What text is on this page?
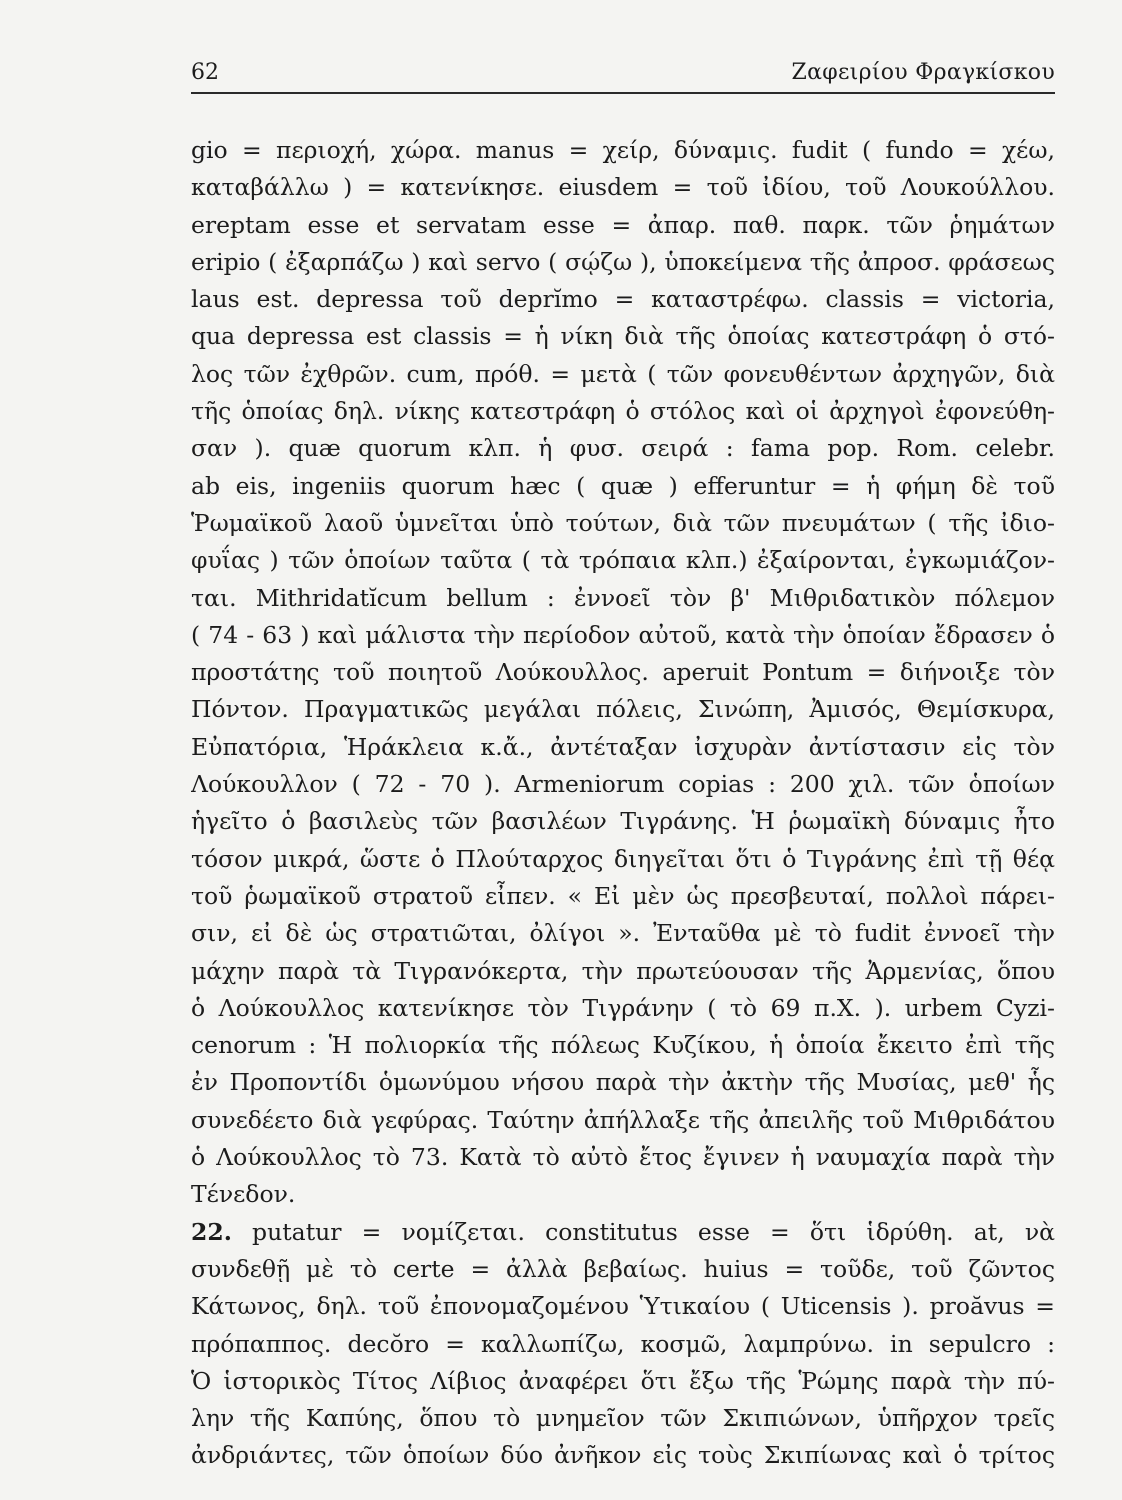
62	Ζαφειρίου Φραγκίσκου
gio = περιοχή, χώρα. manus = χείρ, δύναμις. fudit ( fundo = χέω,
καταβάλλω ) = κατενίκησε. eiusdem = τοῦ ἰδίου, τοῦ Λουκούλλου.
ereptam esse et servatam esse = ἀπαρ. παθ. παρκ. τῶν ῥημάτων
eripio ( ἐξαρπάζω ) καὶ servo ( σῴζω ), ὑποκείμενα τῆς ἀπροσ. φράσεως
laus est. depressa τοῦ deprĭmo = καταστρέφω. classis = victoria,
qua depressa est classis = ἡ νίκη διὰ τῆς ὁποίας κατεστράφη ὁ στό-
λος τῶν ἐχθρῶν. cum, πρόθ. = μετὰ ( τῶν φονευθέντων ἀρχηγῶν, διὰ
τῆς ὁποίας δηλ. νίκης κατεστράφη ὁ στόλος καὶ οἱ ἀρχηγοὶ ἐφονεύθη-
σαν ). quæ quorum κλπ. ἡ φυσ. σειρά : fama pop. Rom. celebr.
ab eis, ingeniis quorum hæc ( quæ ) efferuntur = ἡ φήμη δὲ τοῦ
Ῥωμαϊκοῦ λαοῦ ὑμνεῖται ὑπὸ τούτων, διὰ τῶν πνευμάτων ( τῆς ἰδιο-
φυΐας ) τῶν ὁποίων ταῦτα ( τὰ τρόπαια κλπ.) ἐξαίρονται, ἐγκωμιάζον-
ται. Mithridatĭcum bellum : ἐννοεῖ τὸν β' Μιθριδατικὸν πόλεμον
( 74 - 63 ) καὶ μάλιστα τὴν περίοδον αὐτοῦ, κατὰ τὴν ὁποίαν ἔδρασεν ὁ
προστάτης τοῦ ποιητοῦ Λούκουλλος. aperuit Pontum = διήνοιξε τὸν
Πόντον. Πραγματικῶς μεγάλαι πόλεις, Σινώπη, Ἀμισός, Θεμίσκυρα,
Εὐπατόρια, Ἡράκλεια κ.ἄ., ἀντέταξαν ἰσχυρὰν ἀντίστασιν εἰς τὸν
Λούκουλλον ( 72 - 70 ). Armeniorum copias : 200 χιλ. τῶν ὁποίων
ἡγεῖτο ὁ βασιλεὺς τῶν βασιλέων Τιγράνης. Ἡ ῥωμαϊκὴ δύναμις ἦτο
τόσον μικρά, ὥστε ὁ Πλούταρχος διηγεῖται ὅτι ὁ Τιγράνης ἐπὶ τῇ θέᾳ
τοῦ ῥωμαϊκοῦ στρατοῦ εἶπεν. « Εἰ μὲν ὡς πρεσβευταί, πολλοὶ πάρει-
σιν, εἰ δὲ ὡς στρατιῶται, ὀλίγοι ». Ἐνταῦθα μὲ τὸ fudit ἐννοεῖ τὴν
μάχην παρὰ τὰ Τιγρανόκερτα, τὴν πρωτεύουσαν τῆς Ἀρμενίας, ὅπου
ὁ Λούκουλλος κατενίκησε τὸν Τιγράνην ( τὸ 69 π.Χ. ). urbem Cyzi-
cenorum : Ἡ πολιορκία τῆς πόλεως Κυζίκου, ἡ ὁποία ἔκειτο ἐπὶ τῆς
ἐν Προποντίδι ὁμωνύμου νήσου παρὰ τὴν ἀκτὴν τῆς Μυσίας, μεθ' ἧς
συνεδέετο διὰ γεφύρας. Ταύτην ἀπήλλαξε τῆς ἀπειλῆς τοῦ Μιθριδάτου
ὁ Λούκουλλος τὸ 73. Κατὰ τὸ αὐτὸ ἔτος ἔγινεν ἡ ναυμαχία παρὰ τὴν
Τένεδον.
22. putatur = νομίζεται. constitutus esse = ὅτι ἱδρύθη. at, νὰ
συνδεθῇ μὲ τὸ certe = ἀλλὰ βεβαίως. huius = τοῦδε, τοῦ ζῶντος
Κάτωνος, δηλ. τοῦ ἐπονομαζομένου Ὑτικαίου ( Uticensis ). proăvus =
πρόπαππος. decŏro = καλλωπίζω, κοσμῶ, λαμπρύνω. in sepulcro :
Ὁ ἱστορικὸς Τίτος Λίβιος ἀναφέρει ὅτι ἔξω τῆς Ῥώμης παρὰ τὴν πύ-
λην τῆς Καπύης, ὅπου τὸ μνημεῖον τῶν Σκιπιώνων, ὑπῆρχον τρεῖς
ἀνδριάντες, τῶν ὁποίων δύο ἀνῆκον εἰς τοὺς Σκιπίωνας καὶ ὁ τρίτος
